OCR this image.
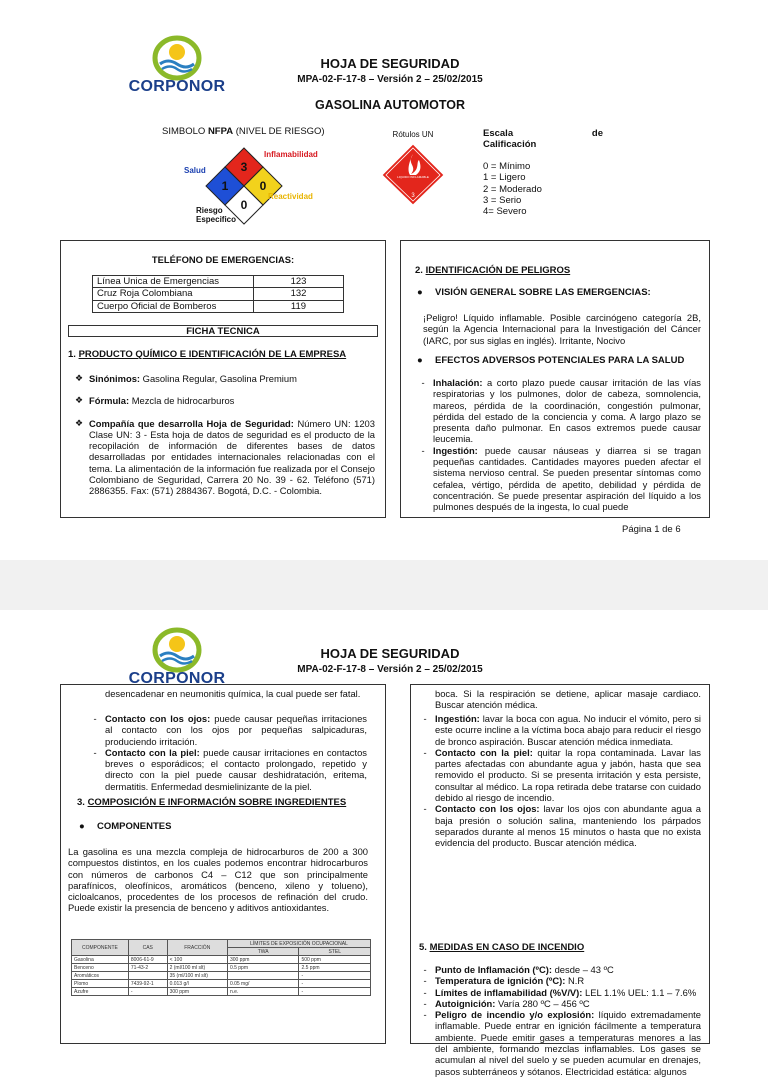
CORPONOR
HOJA DE SEGURIDAD
MPA-02-F-17-8 – Versión 2 – 25/02/2015
GASOLINA AUTOMOTOR
SIMBOLO NFPA (NIVEL DE RIESGO)
3
1	0
0
Salud
Inflamabilidad
Reactividad
Riesgo
Especifico
Rótulos UN
3
LIQUIDO INFLAMABLE
Escala	de
Calificación
0 = Mínimo
1 = Ligero
2 = Moderado
3 = Serio
4= Severo
TELÉFONO DE EMERGENCIAS:
Línea Unica de Emergencias	123
Cruz Roja Colombiana	132
Cuerpo Oficial de Bomberos	119
FICHA TECNICA
1. PRODUCTO QUÍMICO E IDENTIFICACIÓN DE LA EMPRESA
❖ Sinónimos: Gasolina Regular, Gasolina Premium
❖ Fórmula: Mezcla de hidrocarburos
❖ Compañía que desarrolla Hoja de Seguridad: Número UN: 1203 Clase UN: 3 - Esta hoja de datos de seguridad es el producto de la recopilación de información de diferentes bases de datos desarrolladas por entidades internacionales relacionadas con el tema. La alimentación de la información fue realizada por el Consejo Colombiano de Seguridad, Carrera 20 No. 39 - 62. Teléfono (571) 2886355. Fax: (571) 2884367. Bogotá, D.C. - Colombia.
2. IDENTIFICACIÓN DE PELIGROS
●	VISIÓN GENERAL SOBRE LAS EMERGENCIAS:
¡Peligro! Líquido inflamable. Posible carcinógeno categoría 2B, según la Agencia Internacional para la Investigación del Cáncer (IARC, por sus siglas en inglés). Irritante, Nocivo
●	EFECTOS ADVERSOS POTENCIALES PARA LA SALUD
- Inhalación: a corto plazo puede causar irritación de las vías respiratorias y los pulmones, dolor de cabeza, somnolencia, mareos, pérdida de la coordinación, congestión pulmonar, pérdida del estado de la conciencia y coma. A largo plazo se presenta daño pulmonar. En casos extremos puede causar leucemia.
- Ingestión: puede causar náuseas y diarrea si se tragan pequeñas cantidades. Cantidades mayores pueden afectar el sistema nervioso central. Se pueden presentar síntomas como cefalea, vértigo, pérdida de apetito, debilidad y pérdida de concentración. Se puede presentar aspiración del líquido a los pulmones después de la ingesta, lo cual puede
Página 1 de 6
CORPONOR
HOJA DE SEGURIDAD
MPA-02-F-17-8 – Versión 2 – 25/02/2015
desencadenar en neumonitis química, la cual puede ser fatal.
- Contacto con los ojos: puede causar pequeñas irritaciones al contacto con los ojos por pequeñas salpicaduras, produciendo irritación.
- Contacto con la piel: puede causar irritaciones en contactos breves o esporádicos; el contacto prolongado, repetido y directo con la piel puede causar deshidratación, eritema, dermatitis. Enfermedad desmielinizante de la piel.
3. COMPOSICIÓN E INFORMACIÓN SOBRE INGREDIENTES
●	COMPONENTES
La gasolina es una mezcla compleja de hidrocarburos de 200 a 300 compuestos distintos, en los cuales podemos encontrar hidrocarburos con números de carbonos C4 – C12 que son principalmente parafínicos, oleofínicos, aromáticos (benceno, xileno y tolueno), cicloalcanos, procedentes de los procesos de refinación del crudo. Puede existir la presencia de benceno y aditivos antioxidantes.
COMPONENTE	CAS	FRACCIÓN	LÍMITES DE EXPOSICIÓN OCUPACIONAL	
			TWA	STEL
Gasolina	8006-61-9	< 100	300 ppm	500 ppm
Benceno	71-43-2	2 (ml/100 ml slt)	0.5 ppm	2.5 ppm
Aromáticos		35 (ml/100 ml slt)		-
Plomo	7439-92-1	0.013 g/l	0.05 mg/	-
Azufre	-	300 ppm	n.e.	-
boca. Si la respiración se detiene, aplicar masaje cardiaco. Buscar atención médica.
- Ingestión: lavar la boca con agua. No inducir el vómito, pero si este ocurre incline a la víctima boca abajo para reducir el riesgo de bronco aspiración. Buscar atención médica inmediata.
- Contacto con la piel: quitar la ropa contaminada. Lavar las partes afectadas con abundante agua y jabón, hasta que sea removido el producto. Si se presenta irritación y esta persiste, consultar al médico. La ropa retirada debe tratarse con cuidado debido al riesgo de incendio.
- Contacto con los ojos: lavar los ojos con abundante agua a baja presión o solución salina, manteniendo los párpados separados durante al menos 15 minutos o hasta que no exista evidencia del producto. Buscar atención médica.
5. MEDIDAS EN CASO DE INCENDIO
- Punto de Inflamación (ºC): desde – 43 ºC
- Temperatura de ignición (ºC): N.R
- Límites de inflamabilidad (%V/V): LEL 1.1% UEL: 1.1 – 7.6%
- Autoignición: Varía 280 ºC – 456 ºC
- Peligro de incendio y/o explosión: líquido extremadamente inflamable. Puede entrar en ignición fácilmente a temperatura ambiente. Puede emitir gases a temperaturas menores a las del ambiente, formando mezclas inflamables. Los gases se acumulan al nivel del suelo y se pueden acumular en drenajes, pasos subterráneos y sótanos. Electricidad estática: algunos
